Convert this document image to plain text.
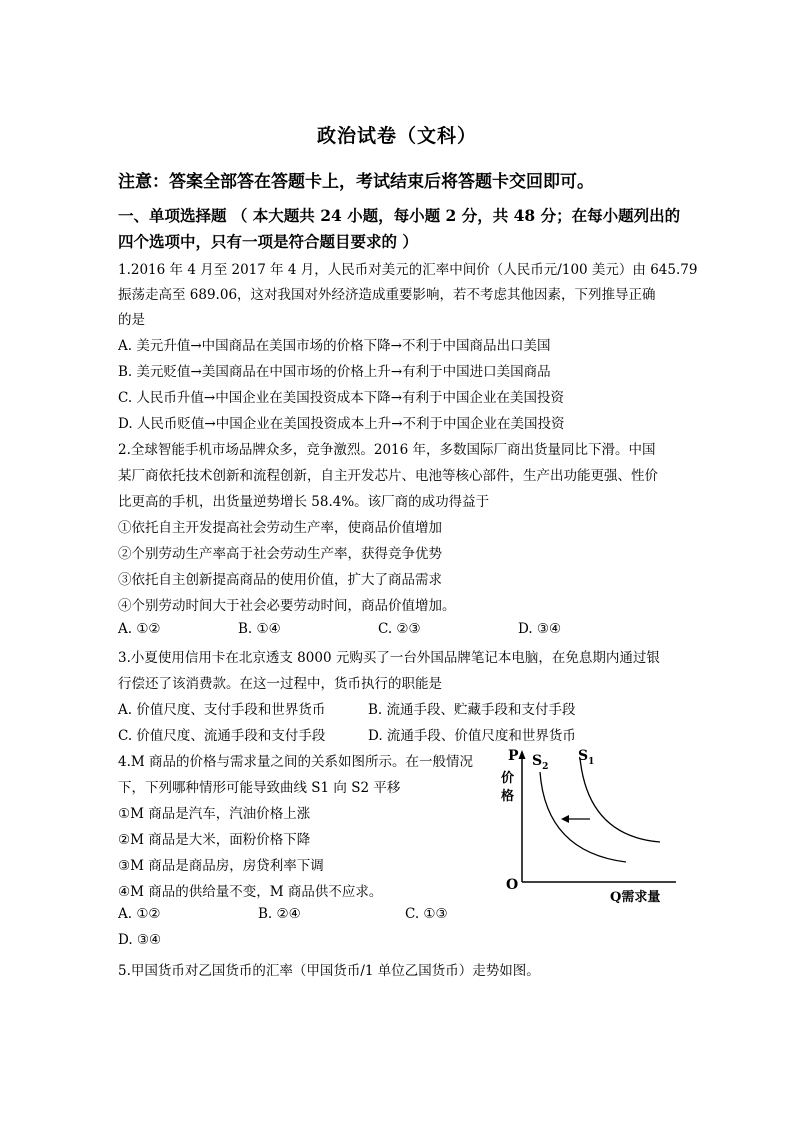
政治试卷（文科）
注意：答案全部答在答题卡上，考试结束后将答题卡交回即可。
一、单项选择题 （ 本大题共 24 小题，每小题 2 分，共 48 分；在每小题列出的
四个选项中，只有一项是符合题目要求的 ）
1.2016 年 4 月至 2017 年 4 月，人民币对美元的汇率中间价（人民币元/100 美元）由 645.79
振荡走高至 689.06，这对我国对外经济造成重要影响，若不考虑其他因素，下列推导正确
的是
A. 美元升值→中国商品在美国市场的价格下降→不利于中国商品出口美国
B. 美元贬值→美国商品在中国市场的价格上升→有利于中国进口美国商品
C. 人民币升值→中国企业在美国投资成本下降→有利于中国企业在美国投资
D. 人民币贬值→中国企业在美国投资成本上升→不利于中国企业在美国投资
2.全球智能手机市场品牌众多，竞争激烈。2016 年，多数国际厂商出货量同比下滑。中国
某厂商依托技术创新和流程创新，自主开发芯片、电池等核心部件，生产出功能更强、性价
比更高的手机，出货量逆势增长 58.4%。该厂商的成功得益于
①依托自主开发提高社会劳动生产率，使商品价值增加
②个别劳动生产率高于社会劳动生产率，获得竞争优势
③依托自主创新提高商品的使用价值，扩大了商品需求
④个别劳动时间大于社会必要劳动时间，商品价值增加。
A. ①②	B. ①④	C. ②③	D. ③④
3.小夏使用信用卡在北京透支 8000 元购买了一台外国品牌笔记本电脑，在免息期内通过银
行偿还了该消费款。在这一过程中，货币执行的职能是
A. 价值尺度、支付手段和世界货币	B. 流通手段、贮藏手段和支付手段
C. 价值尺度、流通手段和支付手段	D. 流通手段、价值尺度和世界货币
4.M 商品的价格与需求量之间的关系如图所示。在一般情况
下，下列哪种情形可能导致曲线 S1 向 S2 平移
①M 商品是汽车，汽油价格上涨
②M 商品是大米，面粉价格下降
③M 商品是商品房，房贷利率下调
④M 商品的供给量不变，M 商品供不应求。
A. ①②	B. ②④	C. ①③
D. ③④
P
价
格
O
Q需求量
$S_2$
$S_1$
5.甲国货币对乙国货币的汇率（甲国货币/1 单位乙国货币）走势如图。
